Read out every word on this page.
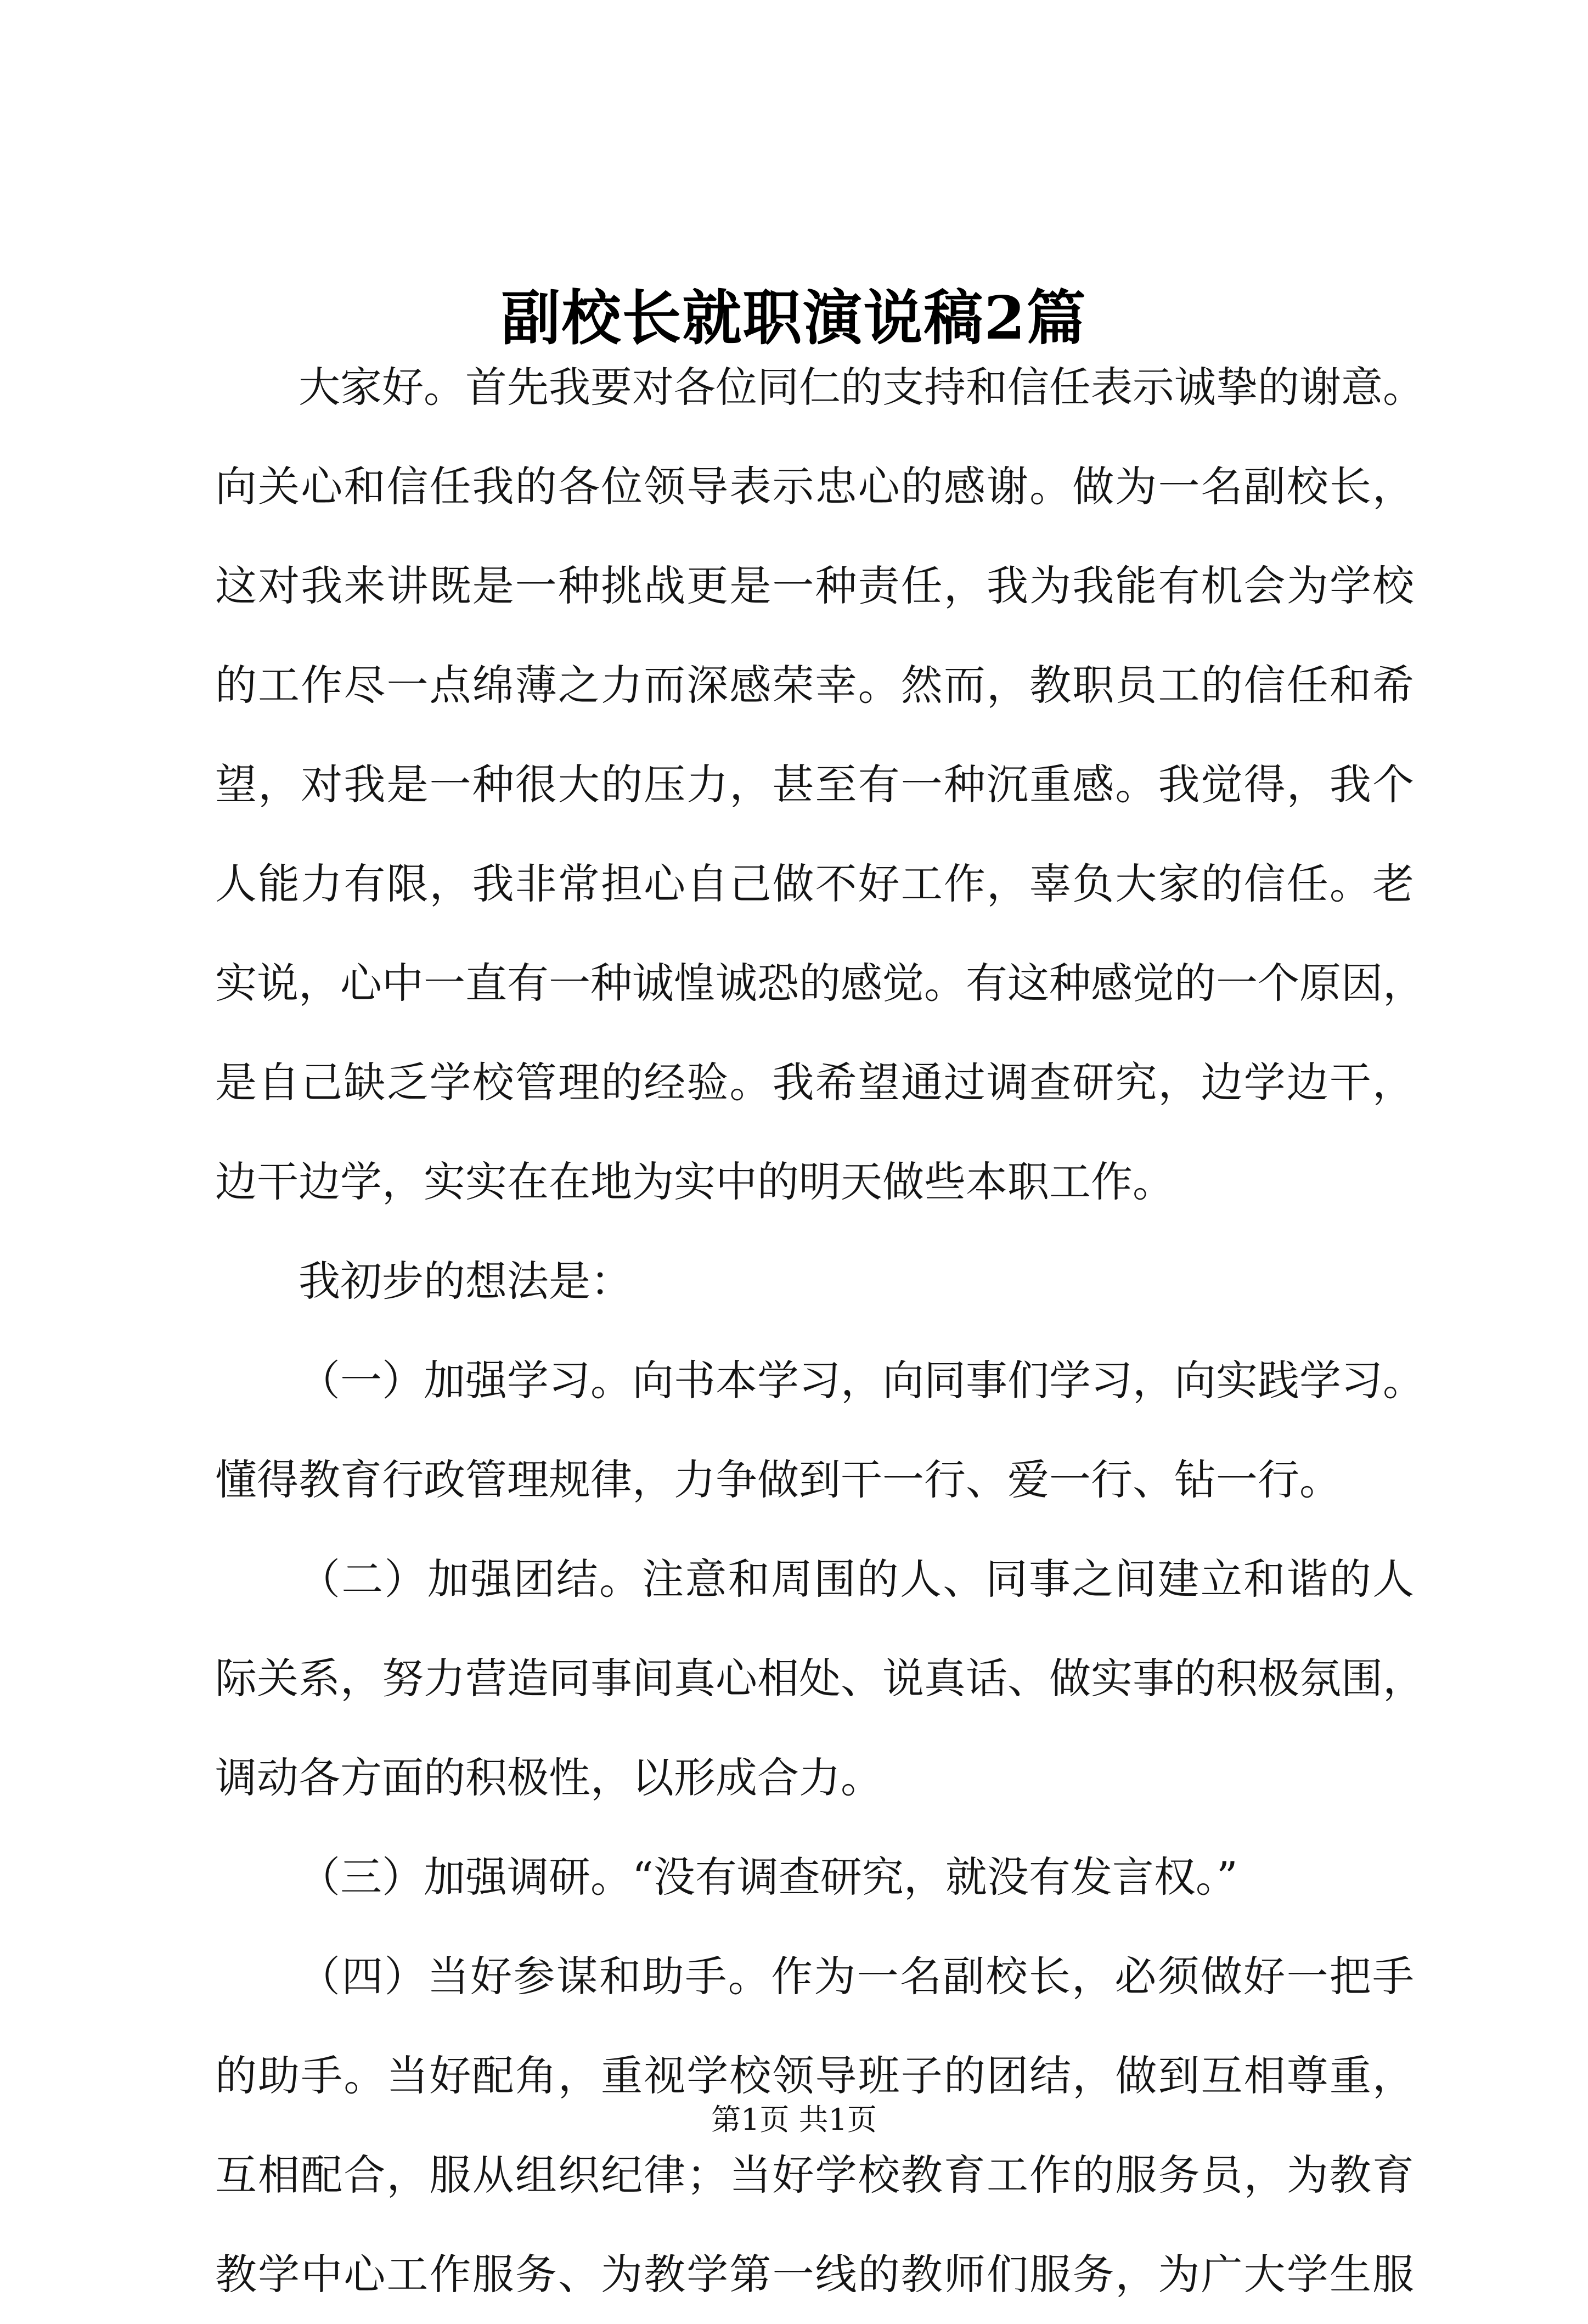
副校长就职演说稿2篇
大家好。首先我要对各位同仁的支持和信任表示诚挚的谢意。
向关心和信任我的各位领导表示忠心的感谢。做为一名副校长，
这对我来讲既是一种挑战更是一种责任，我为我能有机会为学校
的工作尽一点绵薄之力而深感荣幸。然而，教职员工的信任和希
望，对我是一种很大的压力，甚至有一种沉重感。我觉得，我个
人能力有限，我非常担心自己做不好工作，辜负大家的信任。老
实说，心中一直有一种诚惶诚恐的感觉。有这种感觉的一个原因，
是自己缺乏学校管理的经验。我希望通过调查研究，边学边干，
边干边学，实实在在地为实中的明天做些本职工作。
我初步的想法是：
（一）加强学习。向书本学习，向同事们学习，向实践学习。
懂得教育行政管理规律，力争做到干一行、爱一行、钻一行。
（二）加强团结。注意和周围的人、同事之间建立和谐的人
际关系，努力营造同事间真心相处、说真话、做实事的积极氛围，
调动各方面的积极性，以形成合力。
（三）加强调研。“没有调查研究，就没有发言权。”
（四）当好参谋和助手。作为一名副校长，必须做好一把手
的助手。当好配角，重视学校领导班子的团结，做到互相尊重，
互相配合，服从组织纪律；当好学校教育工作的服务员，为教育
教学中心工作服务、为教学第一线的教师们服务，为广大学生服
第1页 共1页
